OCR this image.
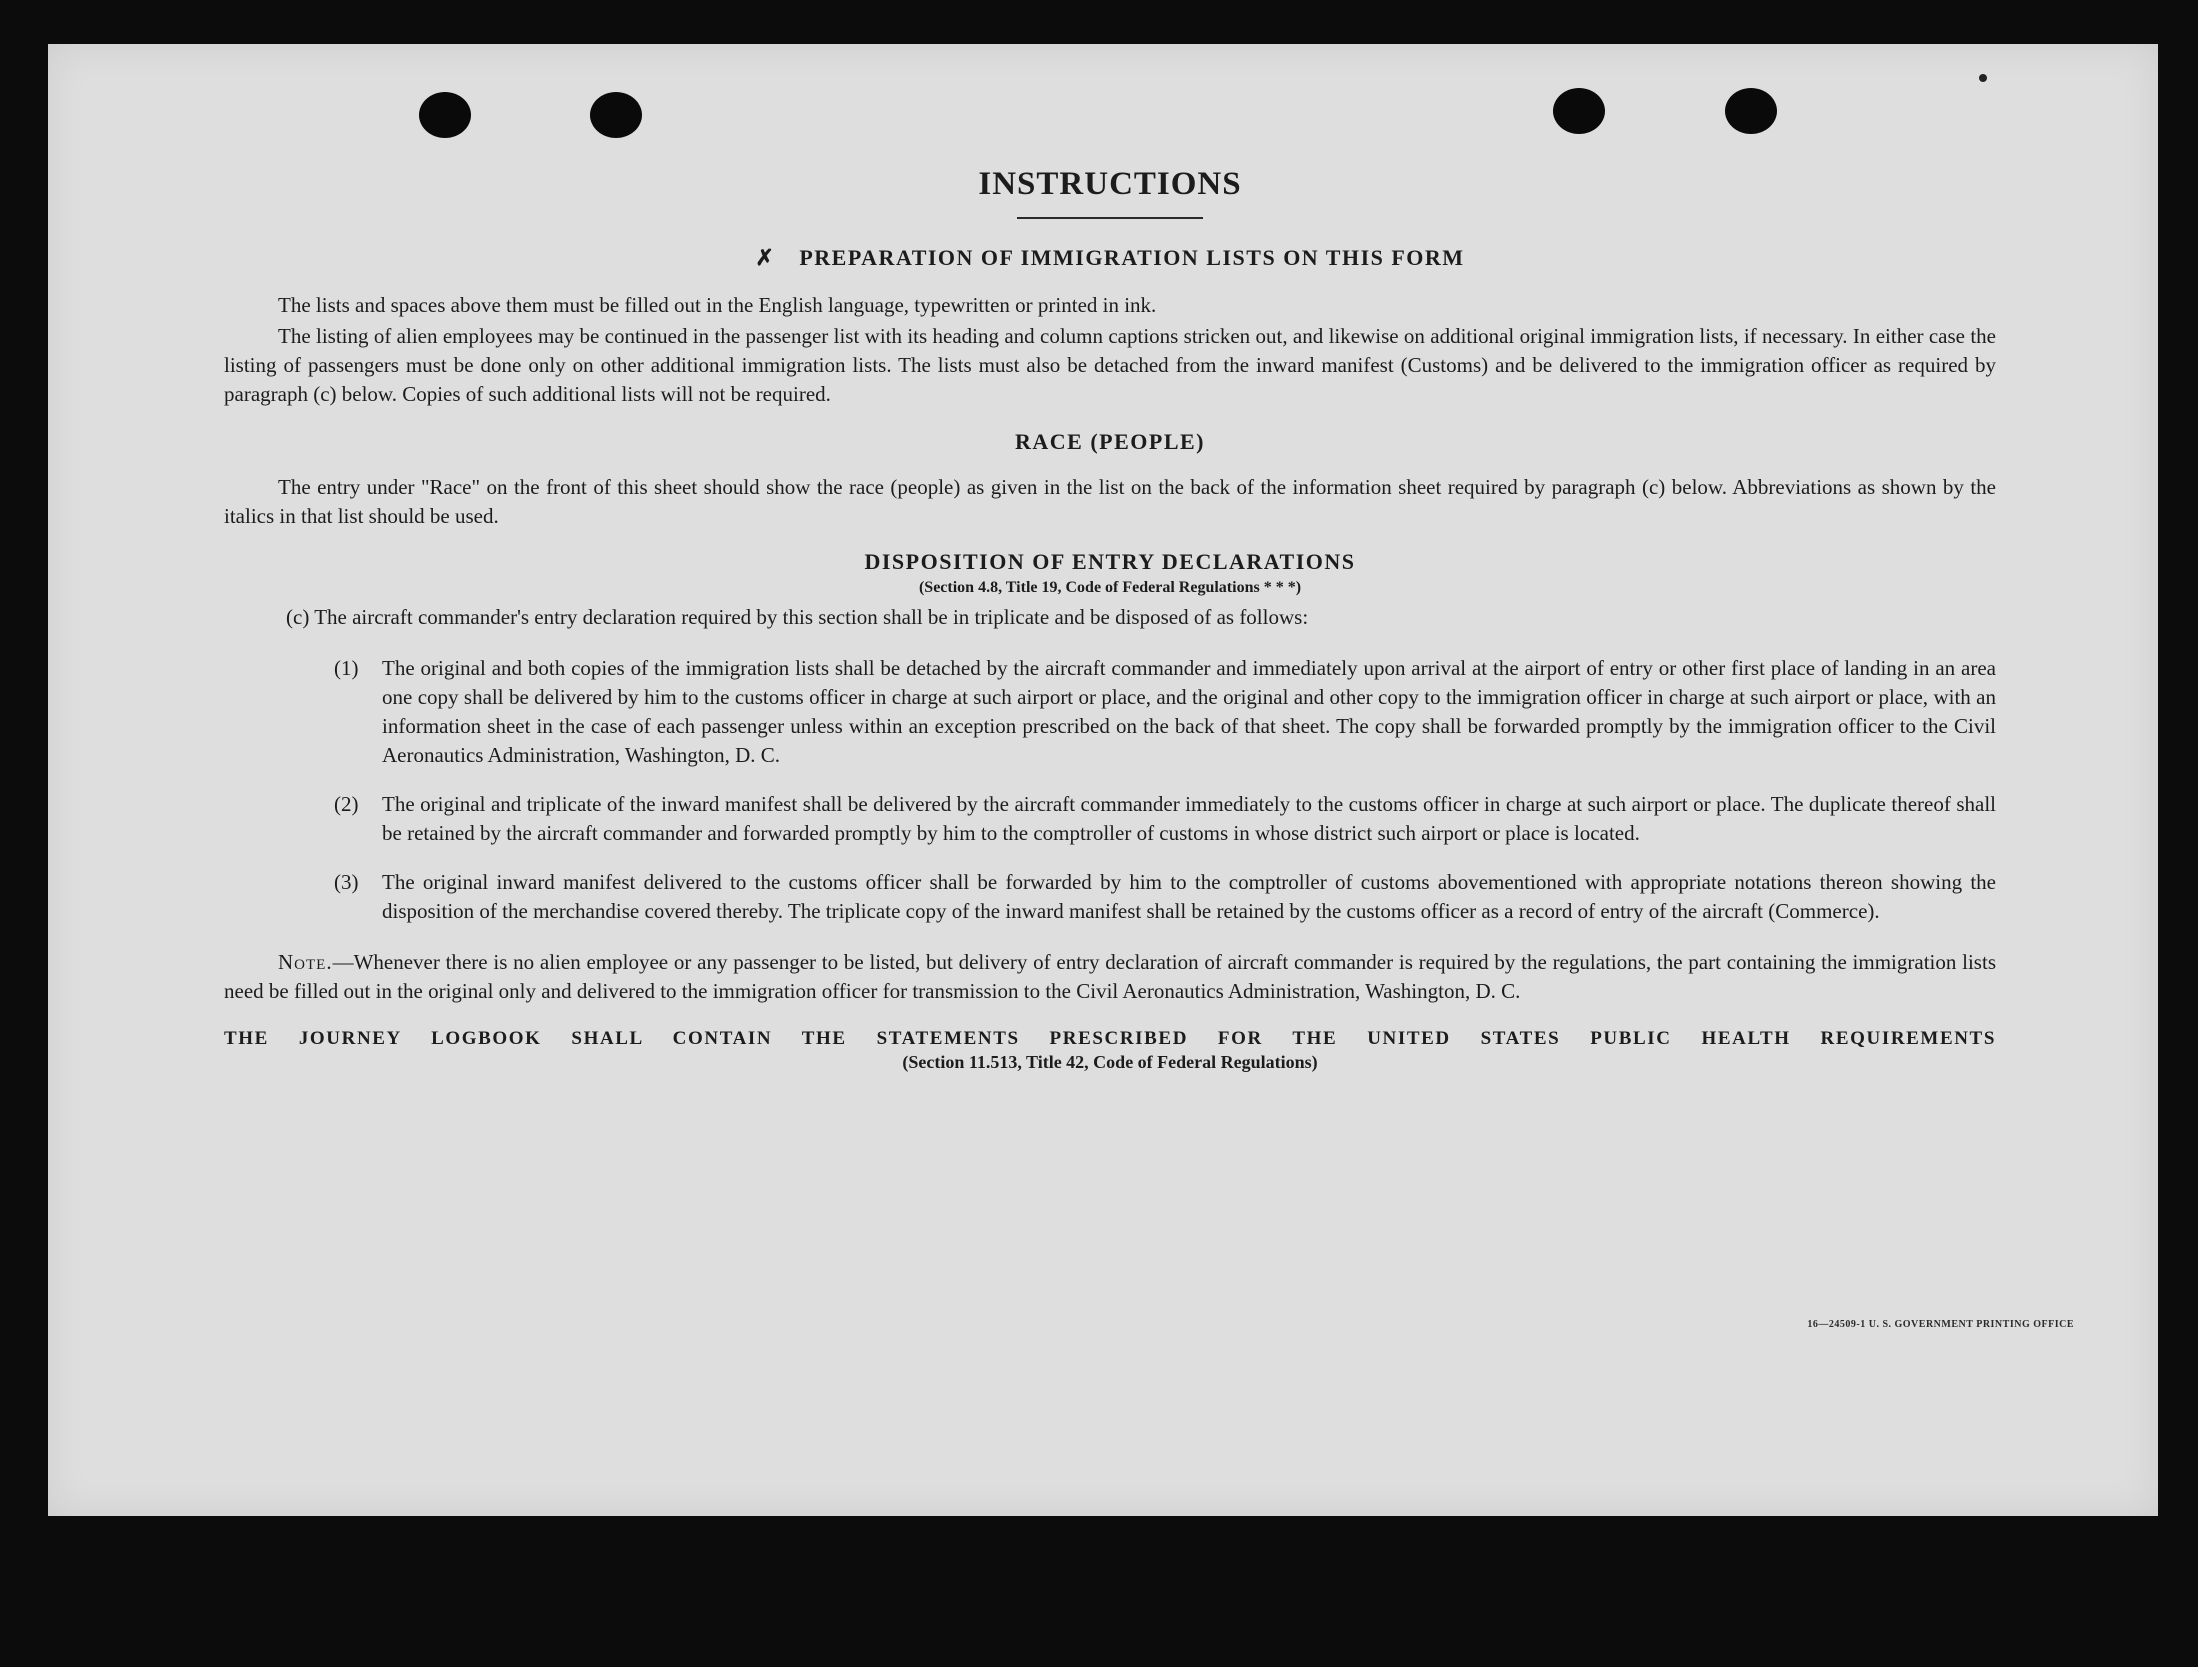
INSTRUCTIONS
✗ PREPARATION OF IMMIGRATION LISTS ON THIS FORM

The lists and spaces above them must be filled out in the English language, typewritten or printed in ink.

The listing of alien employees may be continued in the passenger list with its heading and column captions stricken out, and likewise on additional original immigration lists, if necessary. In either case the listing of passengers must be done only on other additional immigration lists. The lists must also be detached from the inward manifest (Customs) and be delivered to the immigration officer as required by paragraph (c) below. Copies of such additional lists will not be required.

RACE (PEOPLE)

The entry under "Race" on the front of this sheet should show the race (people) as given in the list on the back of the information sheet required by paragraph (c) below. Abbreviations as shown by the italics in that list should be used.

DISPOSITION OF ENTRY DECLARATIONS
(Section 4.8, Title 19, Code of Federal Regulations * * *)
(c) The aircraft commander's entry declaration required by this section shall be in triplicate and be disposed of as follows:
(1) The original and both copies of the immigration lists shall be detached by the aircraft commander and immediately upon arrival at the airport of entry or other first place of landing in an area one copy shall be delivered by him to the customs officer in charge at such airport or place, and the original and other copy to the immigration officer in charge at such airport or place, with an information sheet in the case of each passenger unless within an exception prescribed on the back of that sheet. The copy shall be forwarded promptly by the immigration officer to the Civil Aeronautics Administration, Washington, D. C.
(2) The original and triplicate of the inward manifest shall be delivered by the aircraft commander immediately to the customs officer in charge at such airport or place. The duplicate thereof shall be retained by the aircraft commander and forwarded promptly by him to the comptroller of customs in whose district such airport or place is located.
(3) The original inward manifest delivered to the customs officer shall be forwarded by him to the comptroller of customs abovementioned with appropriate notations thereon showing the disposition of the merchandise covered thereby. The triplicate copy of the inward manifest shall be retained by the customs officer as a record of entry of the aircraft (Commerce).

Note.—Whenever there is no alien employee or any passenger to be listed, but delivery of entry declaration of aircraft commander is required by the regulations, the part containing the immigration lists need be filled out in the original only and delivered to the immigration officer for transmission to the Civil Aeronautics Administration, Washington, D. C.

THE JOURNEY LOGBOOK SHALL CONTAIN THE STATEMENTS PRESCRIBED FOR THE UNITED STATES PUBLIC HEALTH REQUIREMENTS
(Section 11.513, Title 42, Code of Federal Regulations)
16—24509-1 U. S. GOVERNMENT PRINTING OFFICE
